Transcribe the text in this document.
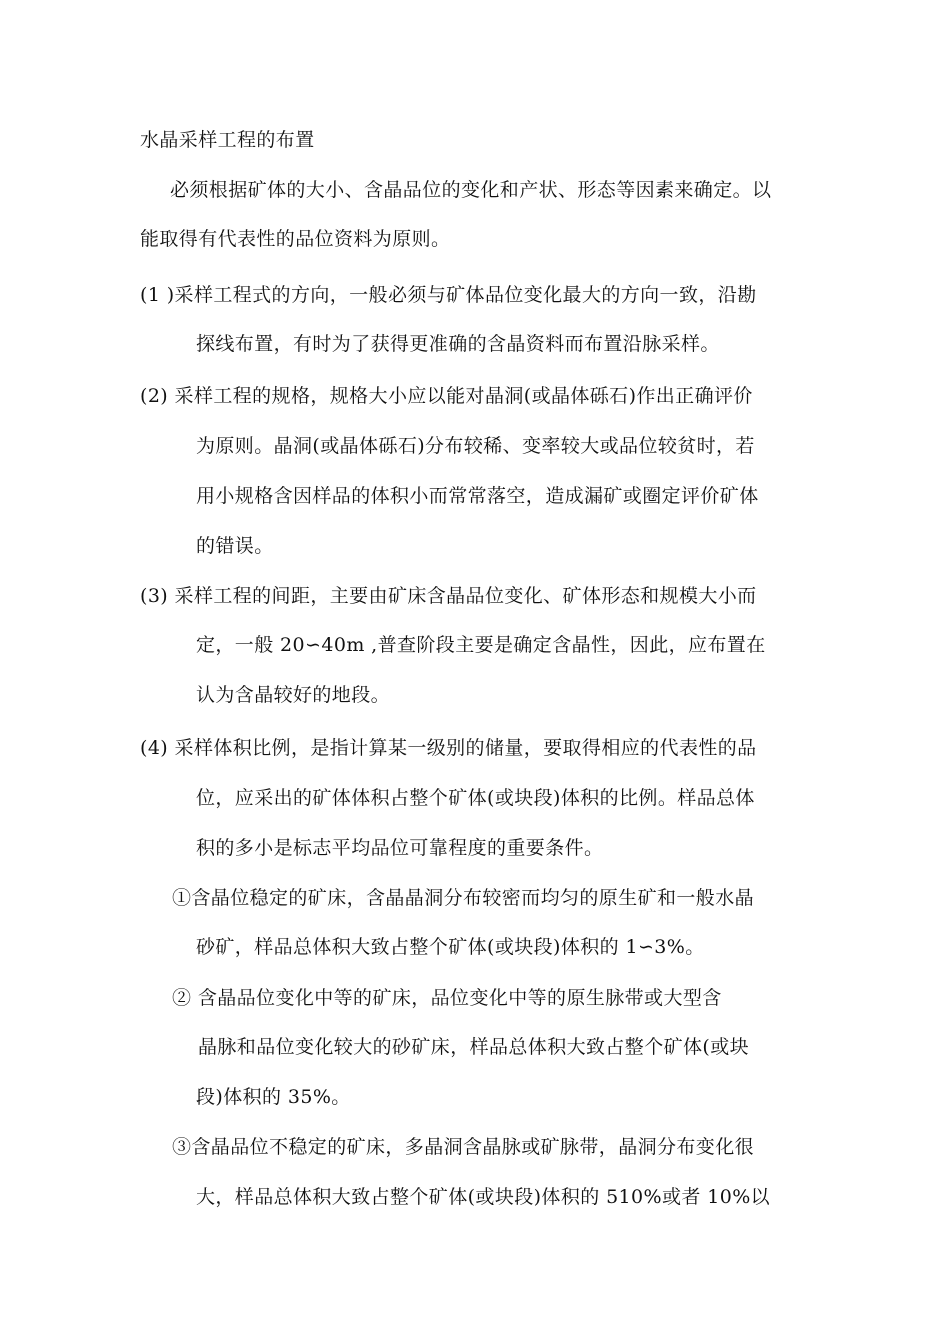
水晶采样工程的布置
必须根据矿体的大小、含晶品位的变化和产状、形态等因素来确定。以
能取得有代表性的品位资料为原则。
(1 )采样工程式的方向，一般必须与矿体品位变化最大的方向一致，沿勘
探线布置，有时为了获得更准确的含晶资料而布置沿脉采样。
(2) 采样工程的规格，规格大小应以能对晶洞(或晶体砾石)作出正确评价
为原则。晶洞(或晶体砾石)分布较稀、变率较大或品位较贫时，若
用小规格含因样品的体积小而常常落空，造成漏矿或圈定评价矿体
的错误。
(3) 采样工程的间距，主要由矿床含晶品位变化、矿体形态和规模大小而
定，一般 20∽40m ,普查阶段主要是确定含晶性，因此，应布置在
认为含晶较好的地段。
(4) 采样体积比例，是指计算某一级别的储量，要取得相应的代表性的品
位，应采出的矿体体积占整个矿体(或块段)体积的比例。样品总体
积的多小是标志平均品位可靠程度的重要条件。
①含晶位稳定的矿床，含晶晶洞分布较密而均匀的原生矿和一般水晶
砂矿，样品总体积大致占整个矿体(或块段)体积的 1∽3%。
② 含晶品位变化中等的矿床，品位变化中等的原生脉带或大型含
晶脉和品位变化较大的砂矿床，样品总体积大致占整个矿体(或块
段)体积的 35%。
③含晶品位不稳定的矿床，多晶洞含晶脉或矿脉带，晶洞分布变化很
大，样品总体积大致占整个矿体(或块段)体积的 510%或者 10%以
